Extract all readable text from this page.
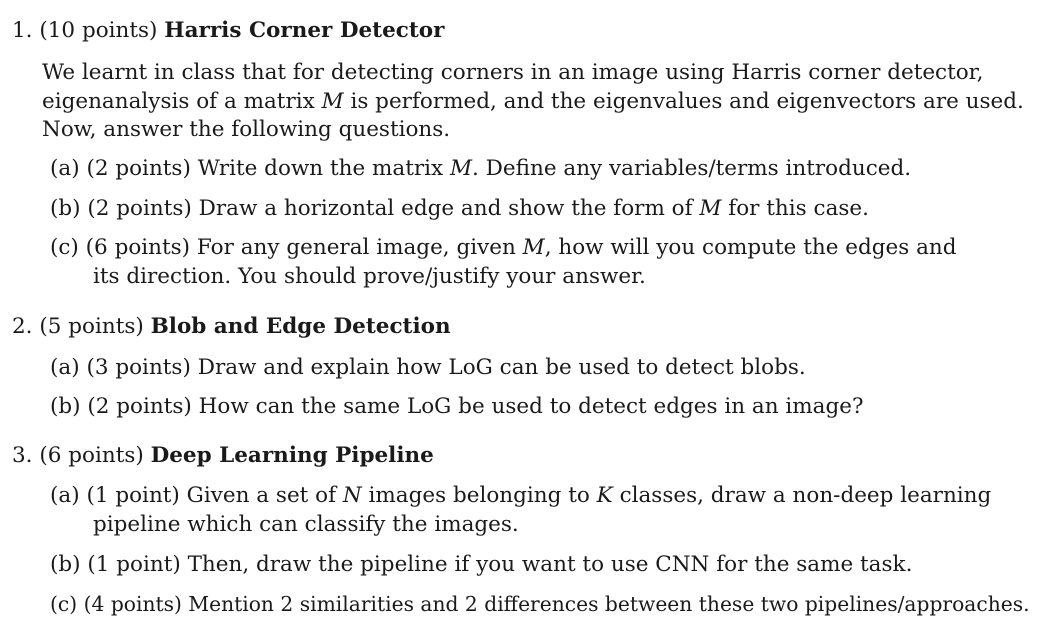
1. (10 points) Harris Corner Detector
We learnt in class that for detecting corners in an image using Harris corner detector,
eigenanalysis of a matrix M is performed, and the eigenvalues and eigenvectors are used.
Now, answer the following questions.
(a) (2 points) Write down the matrix M. Define any variables/terms introduced.
(b) (2 points) Draw a horizontal edge and show the form of M for this case.
(c) (6 points) For any general image, given M, how will you compute the edges and
its direction. You should prove/justify your answer.
2. (5 points) Blob and Edge Detection
(a) (3 points) Draw and explain how LoG can be used to detect blobs.
(b) (2 points) How can the same LoG be used to detect edges in an image?
3. (6 points) Deep Learning Pipeline
(a) (1 point) Given a set of N images belonging to K classes, draw a non-deep learning
pipeline which can classify the images.
(b) (1 point) Then, draw the pipeline if you want to use CNN for the same task.
(c) (4 points) Mention 2 similarities and 2 differences between these two pipelines/approaches.
